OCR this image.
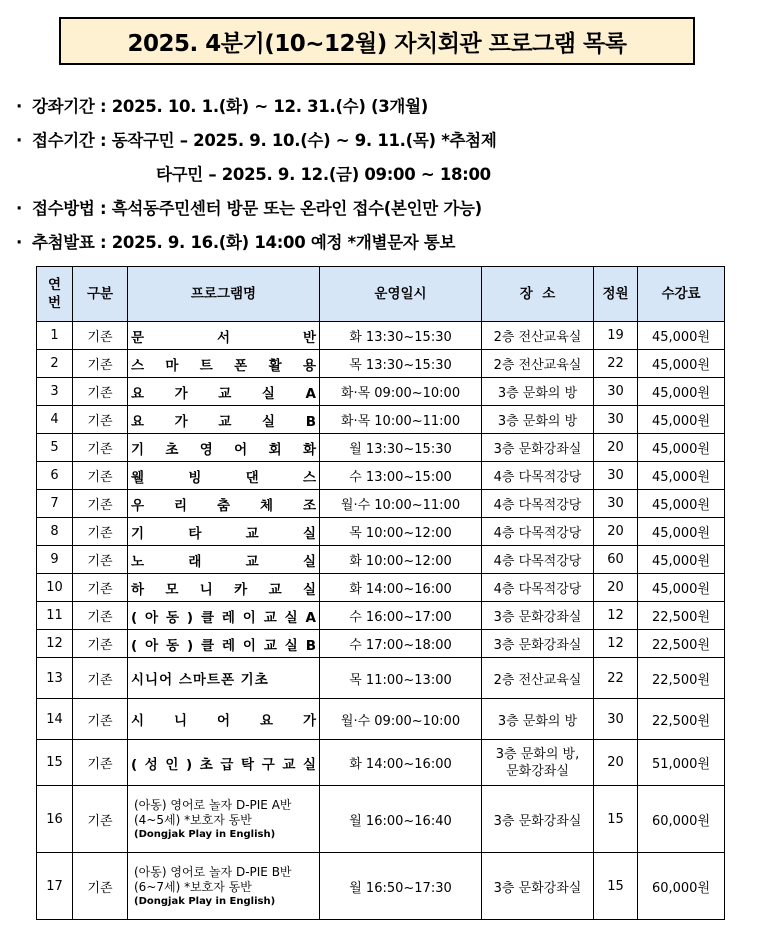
2025. 4분기(10~12월) 자치회관 프로그램 목록
· 강좌기간 : 2025. 10. 1.(화) ~ 12. 31.(수) (3개월)
· 접수기간 : 동작구민 – 2025. 9. 10.(수) ~ 9. 11.(목) *추첨제
타구민 – 2025. 9. 12.(금) 09:00 ~ 18:00
· 접수방법 : 흑석동주민센터 방문 또는 온라인 접수(본인만 가능)
· 추첨발표 : 2025. 9. 16.(화) 14:00 예정 *개별문자 통보
연
번	구분	프로그램명	운영일시	장  소	정원	수강료
1	기존	문 서 반	화 13:30~15:30	2층 전산교육실	19	45,000원
2	기존	스 마 트 폰 활 용	목 13:30~15:30	2층 전산교육실	22	45,000원
3	기존	요 가 교 실 A	화·목 09:00~10:00	3층 문화의 방	30	45,000원
4	기존	요 가 교 실 B	화·목 10:00~11:00	3층 문화의 방	30	45,000원
5	기존	기 초 영 어 회 화	월 13:30~15:30	3층 문화강좌실	20	45,000원
6	기존	웰 빙 댄 스	수 13:00~15:00	4층 다목적강당	30	45,000원
7	기존	우 리 춤 체 조	월·수 10:00~11:00	4층 다목적강당	30	45,000원
8	기존	기 타 교 실	목 10:00~12:00	4층 다목적강당	20	45,000원
9	기존	노 래 교 실	화 10:00~12:00	4층 다목적강당	60	45,000원
10	기존	하 모 니 카 교 실	화 14:00~16:00	4층 다목적강당	20	45,000원
11	기존	( 아 동 ) 클 레 이 교 실 A	수 16:00~17:00	3층 문화강좌실	12	22,500원
12	기존	( 아 동 ) 클 레 이 교 실 B	수 17:00~18:00	3층 문화강좌실	12	22,500원
13	기존	시니어 스마트폰 기초	목 11:00~13:00	2층 전산교육실	22	22,500원
14	기존	시 니 어 요 가	월·수 09:00~10:00	3층 문화의 방	30	22,500원
15	기존	( 성 인 ) 초 급 탁 구 교 실	화 14:00~16:00	3층 문화의 방,
문화강좌실	20	51,000원
16	기존	(아동) 영어로 놀자 D-PIE A반(4~5세) *보호자 동반
(Dongjak Play in English)	월 16:00~16:40	3층 문화강좌실	15	60,000원
17	기존	(아동) 영어로 놀자 D-PIE B반(6~7세) *보호자 동반
(Dongjak Play in English)	월 16:50~17:30	3층 문화강좌실	15	60,000원
